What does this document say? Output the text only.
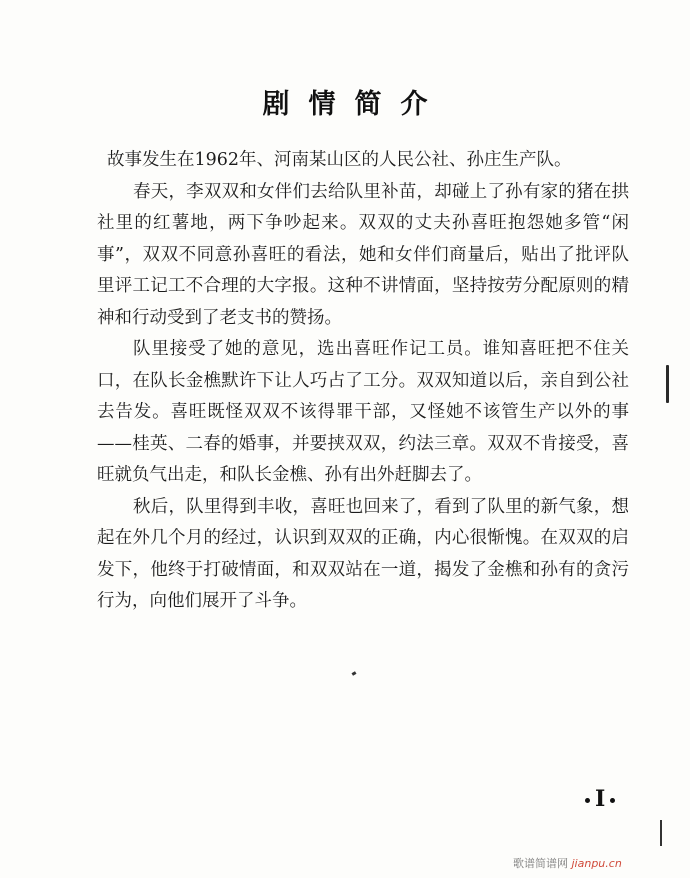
剧情简介

故事发生在1962年、河南某山区的人民公社、孙庄生产队。

春天，李双双和女伴们去给队里补苗，却碰上了孙有家的猪在拱社里的红薯地，两下争吵起来。双双的丈夫孙喜旺抱怨她多管“闲事”，双双不同意孙喜旺的看法，她和女伴们商量后，贴出了批评队里评工记工不合理的大字报。这种不讲情面，坚持按劳分配原则的精神和行动受到了老支书的赞扬。

队里接受了她的意见，选出喜旺作记工员。谁知喜旺把不住关口，在队长金樵默许下让人巧占了工分。双双知道以后，亲自到公社去告发。喜旺既怪双双不该得罪干部，又怪她不该管生产以外的事——桂英、二春的婚事，并要挟双双，约法三章。双双不肯接受，喜旺就负气出走，和队长金樵、孙有出外赶脚去了。

秋后，队里得到丰收，喜旺也回来了，看到了队里的新气象，想起在外几个月的经过，认识到双双的正确，内心很惭愧。在双双的启发下，他终于打破情面，和双双站在一道，揭发了金樵和孙有的贪污行为，向他们展开了斗争。

I
歌谱简谱网 jianpu.cn
